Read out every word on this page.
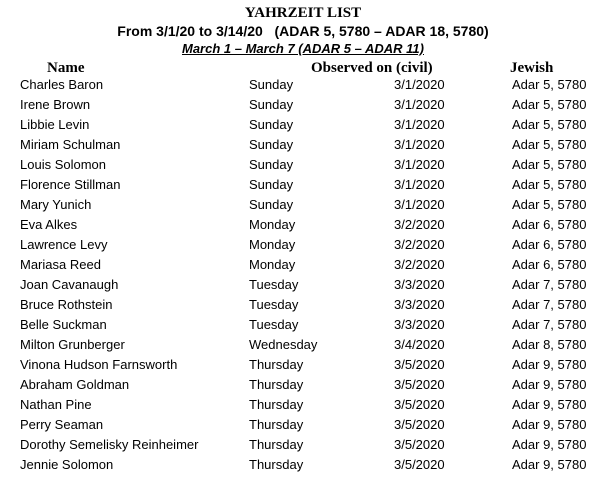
YAHRZEIT LIST
From 3/1/20 to 3/14/20   (ADAR 5, 5780 – ADAR 18, 5780)
March 1 – March 7 (ADAR 5 – ADAR 11)
Name	Observed on (civil)	Jewish
Charles Baron	Sunday	3/1/2020	Adar 5, 5780
Irene Brown	Sunday	3/1/2020	Adar 5, 5780
Libbie Levin	Sunday	3/1/2020	Adar 5, 5780
Miriam Schulman	Sunday	3/1/2020	Adar 5, 5780
Louis Solomon	Sunday	3/1/2020	Adar 5, 5780
Florence Stillman	Sunday	3/1/2020	Adar 5, 5780
Mary Yunich	Sunday	3/1/2020	Adar 5, 5780
Eva Alkes	Monday	3/2/2020	Adar 6, 5780
Lawrence Levy	Monday	3/2/2020	Adar 6, 5780
Mariasa Reed	Monday	3/2/2020	Adar 6, 5780
Joan Cavanaugh	Tuesday	3/3/2020	Adar 7, 5780
Bruce Rothstein	Tuesday	3/3/2020	Adar 7, 5780
Belle Suckman	Tuesday	3/3/2020	Adar 7, 5780
Milton Grunberger	Wednesday	3/4/2020	Adar 8, 5780
Vinona Hudson Farnsworth	Thursday	3/5/2020	Adar 9, 5780
Abraham Goldman	Thursday	3/5/2020	Adar 9, 5780
Nathan Pine	Thursday	3/5/2020	Adar 9, 5780
Perry Seaman	Thursday	3/5/2020	Adar 9, 5780
Dorothy Semelisky Reinheimer	Thursday	3/5/2020	Adar 9, 5780
Jennie Solomon	Thursday	3/5/2020	Adar 9, 5780
